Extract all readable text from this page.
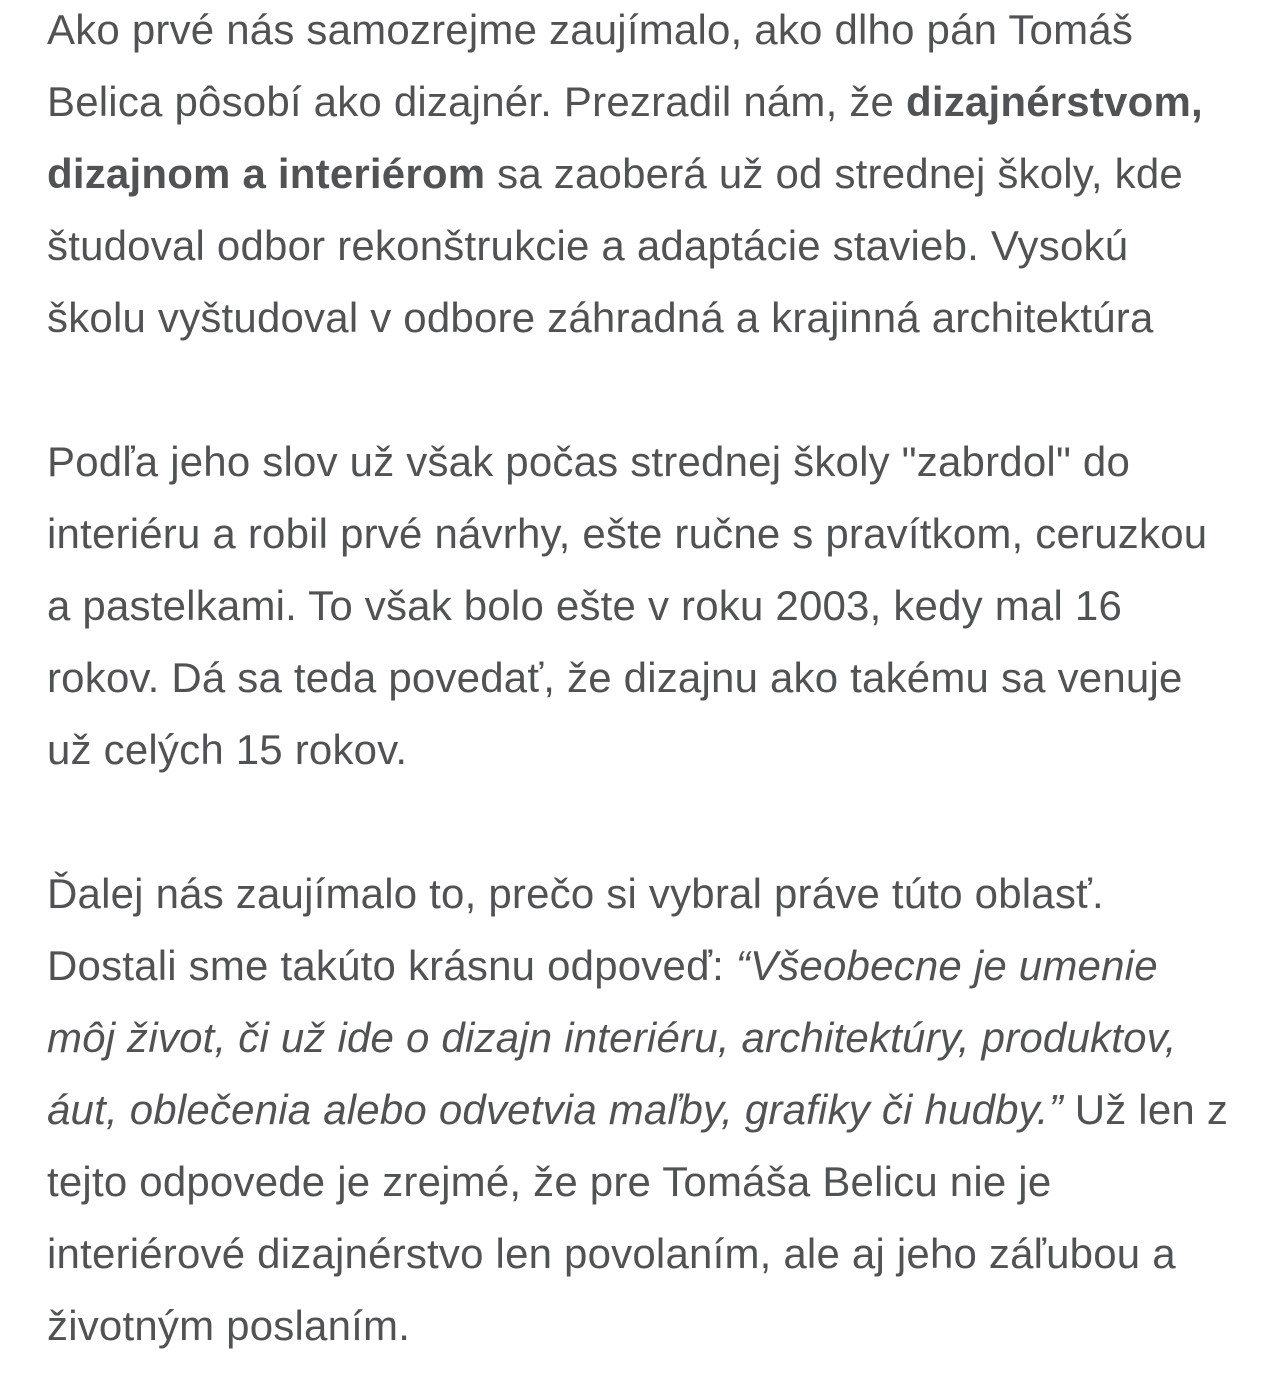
Ako prvé nás samozrejme zaujímalo, ako dlho pán Tomáš Belica pôsobí ako dizajnér. Prezradil nám, že dizajnérstvom, dizajnom a interiérom sa zaoberá už od strednej školy, kde študoval odbor rekonštrukcie a adaptácie stavieb. Vysokú školu vyštudoval v odbore záhradná a krajinná architektúra

Podľa jeho slov už však počas strednej školy "zabrdol" do interiéru a robil prvé návrhy, ešte ručne s pravítkom, ceruzkou a pastelkami. To však bolo ešte v roku 2003, kedy mal 16 rokov. Dá sa teda povedať, že dizajnu ako takému sa venuje už celých 15 rokov.

Ďalej nás zaujímalo to, prečo si vybral práve túto oblasť. Dostali sme takúto krásnu odpoveď: “Všeobecne je umenie môj život, či už ide o dizajn interiéru, architektúry, produktov, áut, oblečenia alebo odvetvia maľby, grafiky či hudby.” Už len z tejto odpovede je zrejmé, že pre Tomáša Belicu nie je interiérové dizajnérstvo len povolaním, ale aj jeho záľubou a životným poslaním.
